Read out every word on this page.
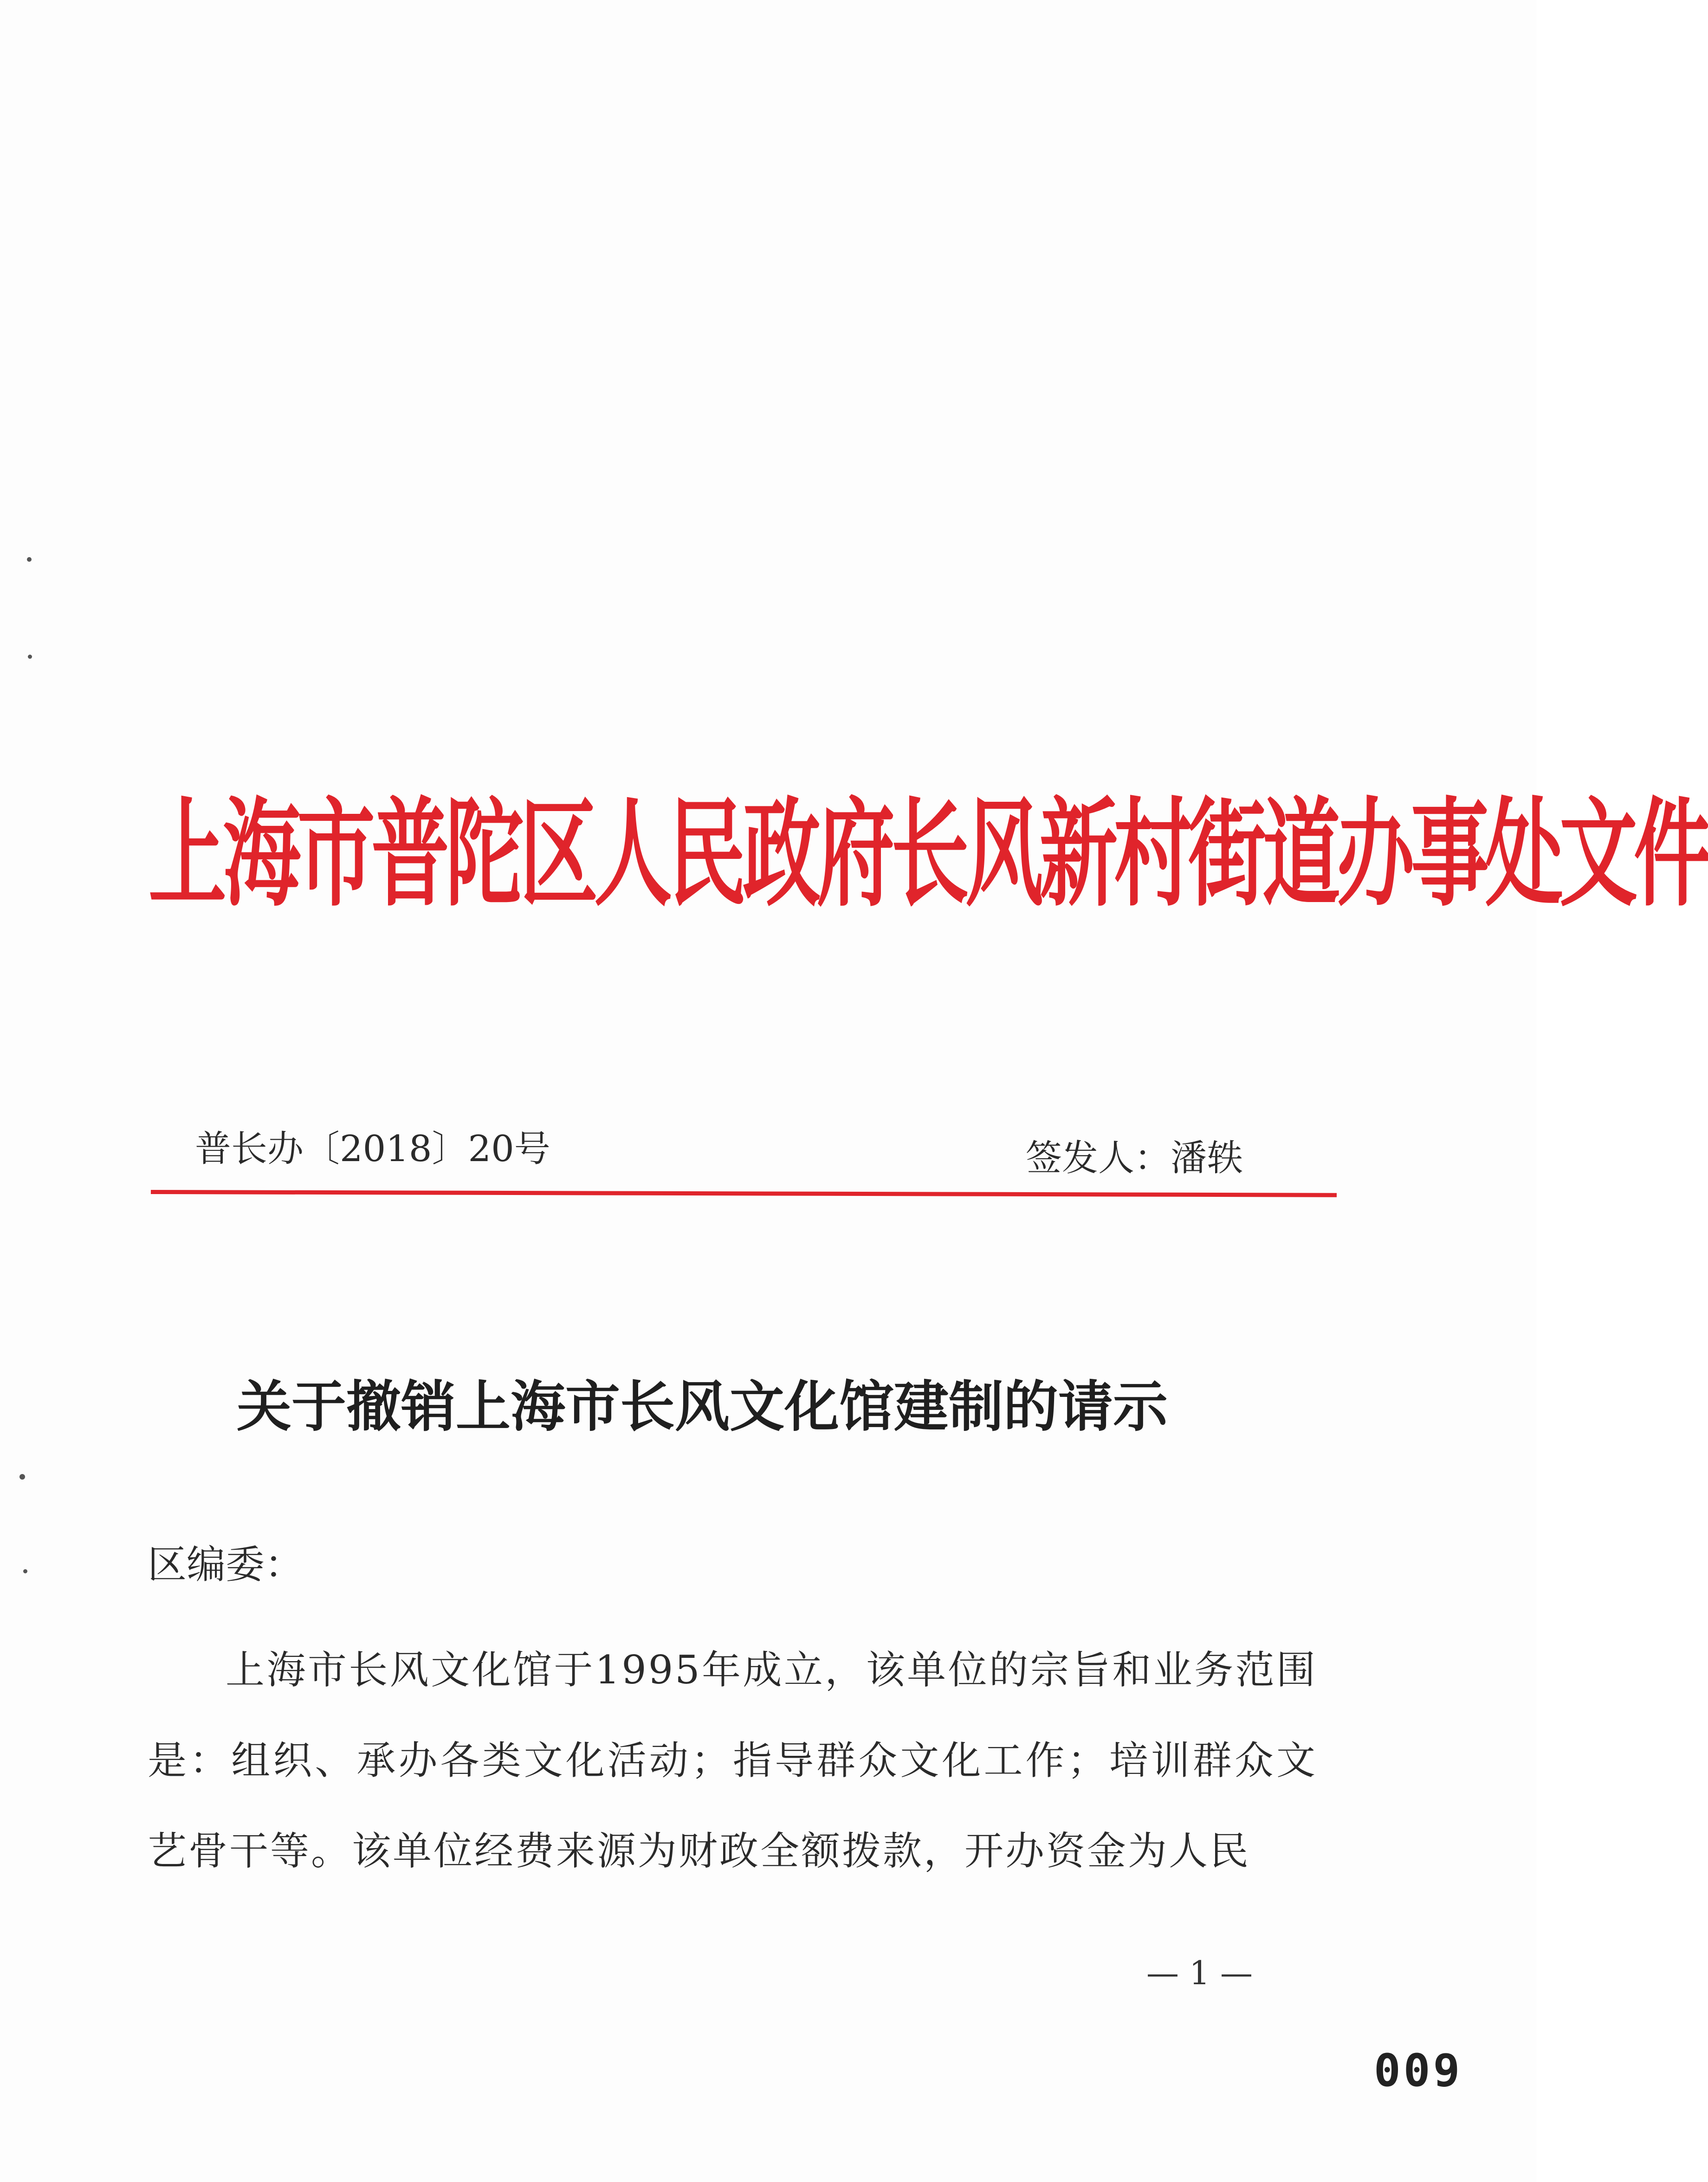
上海市普陀区人民政府长风新村街道办事处文件
普长办〔2018〕20号	签发人：潘轶
关于撤销上海市长风文化馆建制的请示
区编委：
上海市长风文化馆于1995年成立，该单位的宗旨和业务范围是：组织、承办各类文化活动；指导群众文化工作；培训群众文艺骨干等。该单位经费来源为财政全额拨款，开办资金为人民
— 1 —
009
